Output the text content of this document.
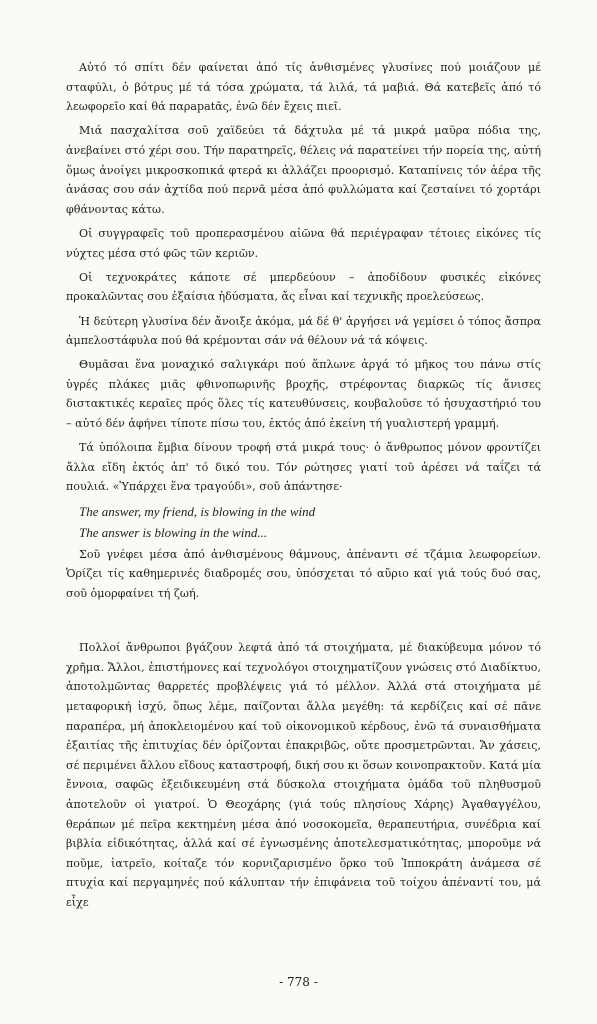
Αὐτό τό σπίτι δέν φαίνεται ἀπό τίς ἀνθισμένες γλυσίνες πού μοιάζουν μέ σταφύλι, ὁ βότρυς μέ τά τόσα χρώματα, τά λιλά, τά μαβιά. Θά κατεβεῖς ἀπό τό λεωφορεῖο καί θά παρapatᾶς, ἐνῶ δέν ἔχεις πιεῖ.

Μιά πασχαλίτσα σοῦ χαϊδεύει τά δάχτυλα μέ τά μικρά μαῦρα πόδια της, ἀνεβαίνει στό χέρι σου. Τήν παρατηρεῖς, θέλεις νά παρατείνει τήν πορεία της, αὐτή ὅμως ἀνοίγει μικροσκοπικά φτερά κι ἀλλάζει προορισμό. Καταπίνεις τόν ἀέρα τῆς ἀνάσας σου σάν ἀχτίδα πού περνᾶ μέσα ἀπό φυλλώματα καί ζεσταίνει τό χορτάρι φθάνοντας κάτω.

Οἱ συγγραφεῖς τοῦ προπερασμένου αἰῶνα θά περιέγραφαν τέτοιες εἰκόνες τίς νύχτες μέσα στό φῶς τῶν κεριῶν.

Οἱ τεχνοκράτες κάποτε σέ μπερδεύουν – ἀποδίδουν φυσικές εἰκόνες προκαλῶντας σου ἐξαίσια ἡδύσματα, ἄς εἶναι καί τεχνικῆς προελεύσεως.

Ἡ δεύτερη γλυσίνα δέν ἄνοιξε ἀκόμα, μά δέ θ' ἀργήσει νά γεμίσει ὁ τόπος ἄσπρα ἀμπελοστάφυλα πού θά κρέμονται σάν νά θέλουν νά τά κόψεις.

Θυμᾶσαι ἕνα μοναχικό σαλιγκάρι πού ἅπλωνε ἀργά τό μῆκος του πάνω στίς ὑγρές πλάκες μιᾶς φθινοπωρινῆς βροχῆς, στρέφοντας διαρκῶς τίς ἄνισες διστακτικές κεραῖες πρός ὅλες τίς κατευθύνσεις, κουβαλοῦσε τό ἡσυχαστήριό του – αὐτό δέν ἀφήνει τίποτε πίσω του, ἐκτός ἀπό ἐκείνη τή γυαλιστερή γραμμή.

Τά ὑπόλοιπα ἔμβια δίνουν τροφή στά μικρά τους· ὁ ἄνθρωπος μόνον φροντίζει ἄλλα εἴδη ἐκτός ἀπ' τό δικό του. Τόν ρώτησες γιατί τοῦ ἀρέσει νά ταΐζει τά πουλιά. «Ὑπάρχει ἕνα τραγούδι», σοῦ ἀπάντησε·

The answer, my friend, is blowing in the wind

The answer is blowing in the wind...

Σοῦ γνέφει μέσα ἀπό ἀνθισμένους θάμνους, ἀπέναντι σέ τζάμια λεωφορείων. Ὁρίζει τίς καθημερινές διαδρομές σου, ὑπόσχεται τό αὔριο καί γιά τούς δυό σας, σοῦ ὀμορφαίνει τή ζωή.

Πολλοί ἄνθρωποι βγάζουν λεφτά ἀπό τά στοιχήματα, μέ διακύβευμα μόνον τό χρῆμα. Ἄλλοι, ἐπιστήμονες καί τεχνολόγοι στοιχηματίζουν γνώσεις στό Διαδίκτυο, ἀποτολμῶντας θαρρετές προβλέψεις γιά τό μέλλον. Ἀλλά στά στοιχήματα μέ μεταφορική ἰσχύ, ὅπως λέμε, παίζονται ἄλλα μεγέθη: τά κερδίζεις καί σέ πᾶνε παραπέρα, μή ἀποκλειομένου καί τοῦ οἰκονομικοῦ κέρδους, ἐνῶ τά συναισθήματα ἐξαιτίας τῆς ἐπιτυχίας δέν ὁρίζονται ἐπακριβῶς, οὔτε προσμετρῶνται. Ἄν χάσεις, σέ περιμένει ἄλλου εἴδους καταστροφή, δική σου κι ὅσων κοινοπρακτοῦν. Κατά μία ἔννοια, σαφῶς ἐξειδικευμένη στά δύσκολα στοιχήματα ὁμάδα τοῦ πληθυσμοῦ ἀποτελοῦν οἱ γιατροί. Ὁ Θεοχάρης (γιά τούς πλησίους Χάρης) Ἀγαθαγγέλου, θεράπων μέ πεῖρα κεκτημένη μέσα ἀπό νοσοκομεῖα, θεραπευτήρια, συνέδρια καί βιβλία εἰδικότητας, ἀλλά καί σέ ἐγνωσμένης ἀποτελεσματικότητας, μποροῦμε νά ποῦμε, ἰατρεῖο, κοίταζε τόν κορνιζαρισμένο ὅρκο τοῦ Ἱπποκράτη ἀνάμεσα σέ πτυχία καί περγαμηνές πού κάλυπταν τήν ἐπιφάνεια τοῦ τοίχου ἀπέναντί του, μά εἶχε

- 778 -
